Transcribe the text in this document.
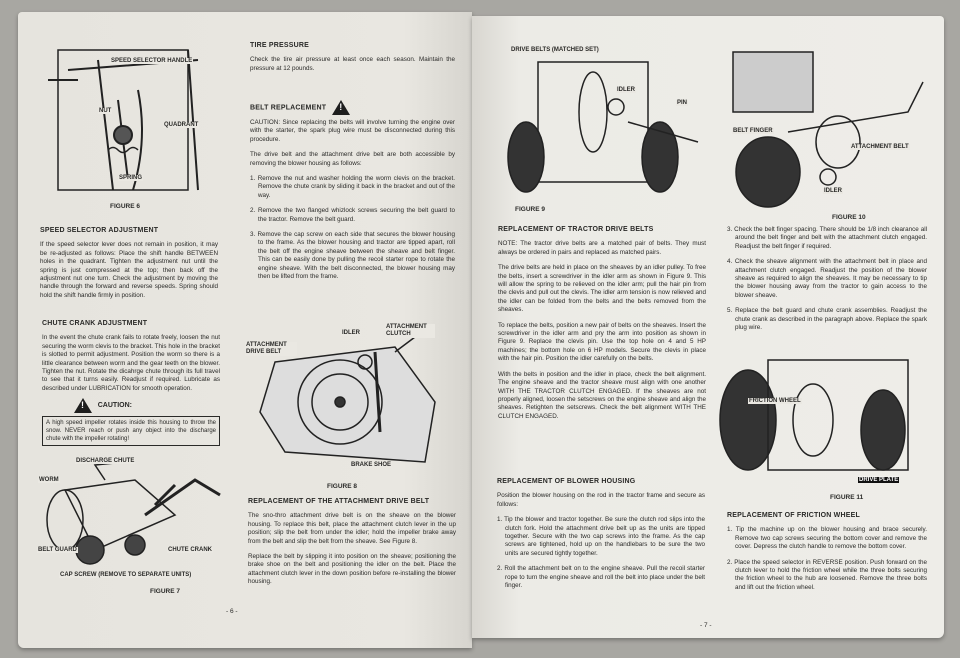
SPEED SELECTOR HANDLE
NUT
QUADRANT
SPRING
FIGURE 6
SPEED SELECTOR ADJUSTMENT
If the speed selector lever does not remain in position, it may be re-adjusted as follows: Place the shift handle BETWEEN holes in the quadrant. Tighten the adjustment nut until the spring is just compressed at the top; then back off the adjustment nut one turn. Check the adjustment by moving the handle through the forward and reverse speeds. Spring should hold the shift handle firmly in position.
CHUTE CRANK ADJUSTMENT
In the event the chute crank fails to rotate freely, loosen the nut securing the worm clevis to the bracket. This hole in the bracket is slotted to permit adjustment. Position the worm so there is a little clearance between worm and the gear teeth on the blower. Tighten the nut. Rotate the dicahrge chute through its full travel to see that it turns easily. Readjust if required. Lubricate as described under LUBRICATION for smooth operation.
! CAUTION:
A high speed impeller rotates inside this housing to throw the snow. NEVER reach or push any object into the discharge chute with the impeller rotating!
DISCHARGE CHUTE
WORM
BELT GUARD	CHUTE CRANK
CAP SCREW (REMOVE TO SEPARATE UNITS)
FIGURE 7
- 6 -
TIRE PRESSURE
Check the tire air pressure at least once each season. Maintain the pressure at 12 pounds.
BELT REPLACEMENT!
CAUTION: Since replacing the belts will involve turning the engine over with the starter, the spark plug wire must be disconnected during this procedure.
The drive belt and the attachment drive belt are both accessible by removing the blower housing as follows:
1. Remove the nut and washer holding the worm clevis on the bracket. Remove the chute crank by sliding it back in the bracket and out of the way.
2. Remove the two flanged whizlock screws securing the belt guard to the tractor. Remove the belt guard.
3. Remove the cap screw on each side that secures the blower housing to the frame. As the blower housing and tractor are tipped apart, roll the belt off the engine sheave between the sheave and belt finger. This can be easily done by pulling the recoil starter rope to rotate the engine sheave. With the belt disconnected, the blower housing may then be lifted from the frame.
ATTACHMENT DRIVE BELT
IDLER
ATTACHMENT CLUTCH
BRAKE SHOE
FIGURE 8
REPLACEMENT OF THE ATTACHMENT DRIVE BELT
The sno-thro attachment drive belt is on the sheave on the blower housing. To replace this belt, place the attachment clutch lever in the up position; slip the belt from under the idler; hold the impeller brake away from the belt and slip the belt from the sheave. See Figure 8.
Replace the belt by slipping it into position on the sheave; positioning the brake shoe on the belt and positioning the idler on the belt. Place the attachment clutch lever in the down position before re-installing the blower housing.
DRIVE BELTS (MATCHED SET)
IDLER
PIN
FIGURE 9
REPLACEMENT OF TRACTOR DRIVE BELTS
NOTE: The tractor drive belts are a matched pair of belts. They must always be ordered in pairs and replaced as matched pairs.
The drive belts are held in place on the sheaves by an idler pulley. To free the belts, insert a screwdriver in the idler arm as shown in Figure 9. This will allow the spring to be relieved on the idler arm; pull the hair pin from the clevis and pull out the clevis. The idler arm tension is now relieved and the idler can be folded from the belts and the belts removed from the sheaves.
To replace the belts, position a new pair of belts on the sheaves. Insert the screwdriver in the idler arm and pry the arm into position as shown in Figure 9. Replace the clevis pin. Use the top hole on 4 and 5 HP machines; the bottom hole on 6 HP models. Secure the clevis in place with the hair pin. Position the idler carefully on the belts.
With the belts in position and the idler in place, check the belt alignment. The engine sheave and the tractor sheave must align with one another WITH THE TRACTOR CLUTCH ENGAGED. If the sheaves are not properly aligned, loosen the setscrews on the engine sheave and align the sheaves. Retighten the setscrews. Check the belt alignment WITH THE CLUTCH ENGAGED.
REPLACEMENT OF BLOWER HOUSING
Position the blower housing on the rod in the tractor frame and secure as follows:
1. Tip the blower and tractor together. Be sure the clutch rod slips into the clutch fork. Hold the attachment drive belt up as the units are tipped together. Secure with the two cap screws into the frame. As the cap screws are tightened, hold up on the handlebars to be sure the two units are secured tightly together.
2. Roll the attachment belt on to the engine sheave. Pull the recoil starter rope to turn the engine sheave and roll the belt into place under the belt finger.
- 7 -
BELT FINGER
ATTACHMENT BELT
IDLER
FIGURE 10
3. Check the belt finger spacing. There should be 1/8 inch clearance all around the belt finger and belt with the attachment clutch engaged. Readjust the belt finger if required.
4. Check the sheave alignment with the attachment belt in place and attachment clutch engaged. Readjust the position of the blower sheave as required to align the sheaves. It may be necessary to tip the blower housing away from the tractor to gain access to the blower sheave.
5. Replace the belt guard and chute crank assemblies. Readjust the chute crank as described in the paragraph above. Replace the spark plug wire.
FRICTION WHEEL
DRIVE PLATE
FIGURE 11
REPLACEMENT OF FRICTION WHEEL
1. Tip the machine up on the blower housing and brace securely. Remove two cap screws securing the bottom cover and remove the cover. Depress the clutch handle to remove the bottom cover.
2. Place the speed selector in REVERSE position. Push forward on the clutch lever to hold the friction wheel while the three bolts securing the friction wheel to the hub are loosened. Remove the three bolts and lift out the friction wheel.
